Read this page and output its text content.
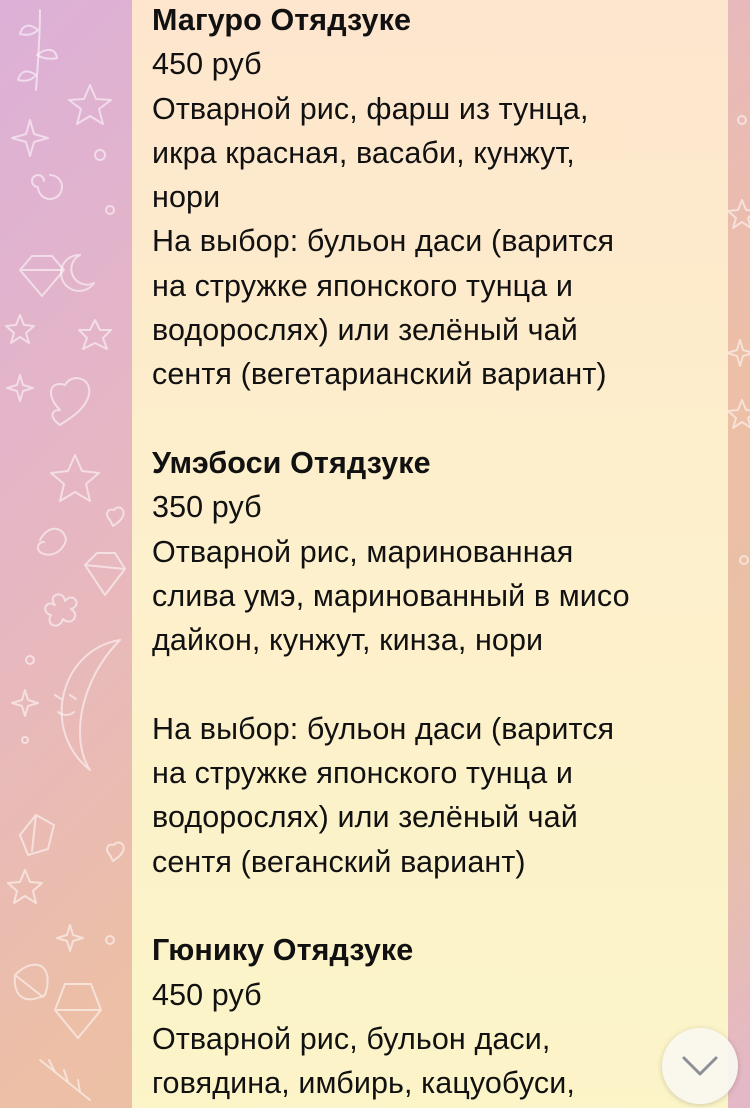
Магуро Отядзуке
450 руб
Отварной рис, фарш из тунца,
икра красная, васаби, кунжут,
нори
На выбор: бульон даси (варится
на стружке японского тунца и
водорослях) или зелёный чай
сентя (вегетарианский вариант)
Умэбоси Отядзуке
350 руб
Отварной рис, маринованная
слива умэ, маринованный в мисо
дайкон, кунжут, кинза, нори
На выбор: бульон даси (варится
на стружке японского тунца и
водорослях) или зелёный чай
сентя (веганский вариант)
Гюнику Отядзуке
450 руб
Отварной рис, бульон даси,
говядина, имбирь, кацуобуси,
